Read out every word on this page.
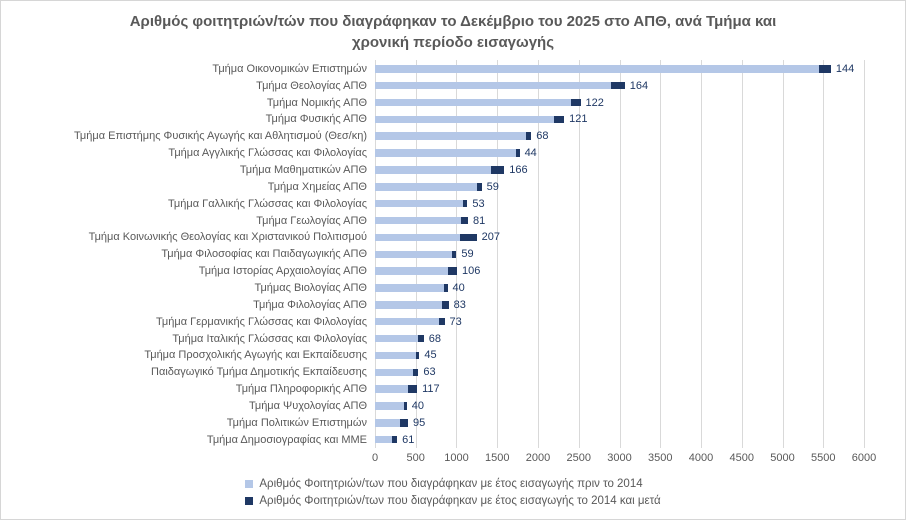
Αριθμός φοιτητριών/τών που διαγράφηκαν το Δεκέμβριο του 2025 στο ΑΠΘ, ανά Τμήμα και
χρονική περίοδο εισαγωγής
Τμήμα Οικονομικών Επιστημών
Τμήμα Θεολογίας ΑΠΘ
Τμήμα Νομικής ΑΠΘ
Τμήμα Φυσικής ΑΠΘ
Τμήμα Επιστήμης Φυσικής Αγωγής και Αθλητισμού (Θεσ/κη)
Τμήμα Αγγλικής Γλώσσας και Φιλολογίας
Τμήμα Μαθηματικών ΑΠΘ
Τμήμα Χημείας ΑΠΘ
Τμήμα Γαλλικής Γλώσσας και Φιλολογίας
Τμήμα Γεωλογίας ΑΠΘ
Τμήμα Κοινωνικής Θεολογίας και Χριστανικού Πολιτισμού
Τμήμα Φιλοσοφίας και Παιδαγωγικής ΑΠΘ
Τμήμα Ιστορίας Αρχαιολογίας ΑΠΘ
Τμήμας Βιολογίας ΑΠΘ
Τμήμα Φιλολογίας ΑΠΘ
Τμήμα Γερμανικής Γλώσσας και Φιλολογίας
Τμήμα Ιταλικής Γλώσσας και Φιλολογίας
Τμήμα Προσχολικής Αγωγής και Εκπαίδευσης
Παιδαγωγικό Τμήμα Δημοτικής Εκπαίδευσης
Τμήμα Πληροφορικής ΑΠΘ
Τμήμα Ψυχολογίας ΑΠΘ
Τμήμα Πολιτικών Επιστημών
Τμήμα Δημοσιογραφίας και ΜΜΕ
144
164
122
121
68
44
166
59
53
81
207
59
106
40
83
73
68
45
63
117
40
95
61
0	500 1000 1500 2000 2500 3000 3500 4000 4500 5000 5500 6000
Αριθμός Φοιτητριών/των που διαγράφηκαν με έτος εισαγωγής πριν το 2014
Αριθμός Φοιτητριών/των που διαγράφηκαν με έτος εισαγωγής το 2014 και μετά
